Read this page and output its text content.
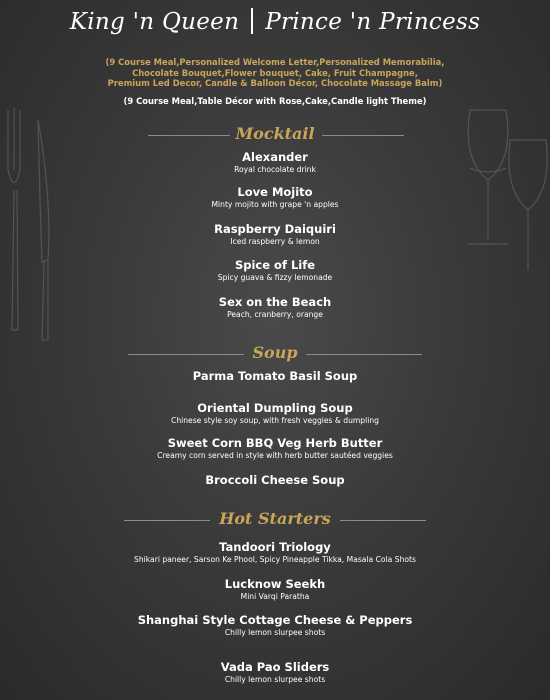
King 'n Queen Prince 'n Princess
(9 Course Meal,Personalized Welcome Letter,Personalized Memorabilia,
Chocolate Bouquet,Flower bouquet, Cake, Fruit Champagne,
Premium Led Decor, Candle & Balloon Décor, Chocolate Massage Balm)
(9 Course Meal,Table Décor with Rose,Cake,Candle light Theme)
Mocktail
Alexander
Royal chocolate drink
Love Mojito
Minty mojito with grape 'n apples
Raspberry Daiquiri
Iced raspberry & lemon
Spice of Life
Spicy guava & fizzy lemonade
Sex on the Beach
Peach, cranberry, orange
Soup
Parma Tomato Basil Soup
Oriental Dumpling Soup
Chinese style soy soup, with fresh veggies & dumpling
Sweet Corn BBQ Veg Herb Butter
Creamy corn served in style with herb butter sautéed veggies
Broccoli Cheese Soup
Hot Starters
Tandoori Triology
Shikari paneer, Sarson Ke Phool, Spicy Pineapple Tikka, Masala Cola Shots
Lucknow Seekh
Mini Varqi Paratha
Shanghai Style Cottage Cheese & Peppers
Chilly lemon slurpee shots
Vada Pao Sliders
Chilly lemon slurpee shots
